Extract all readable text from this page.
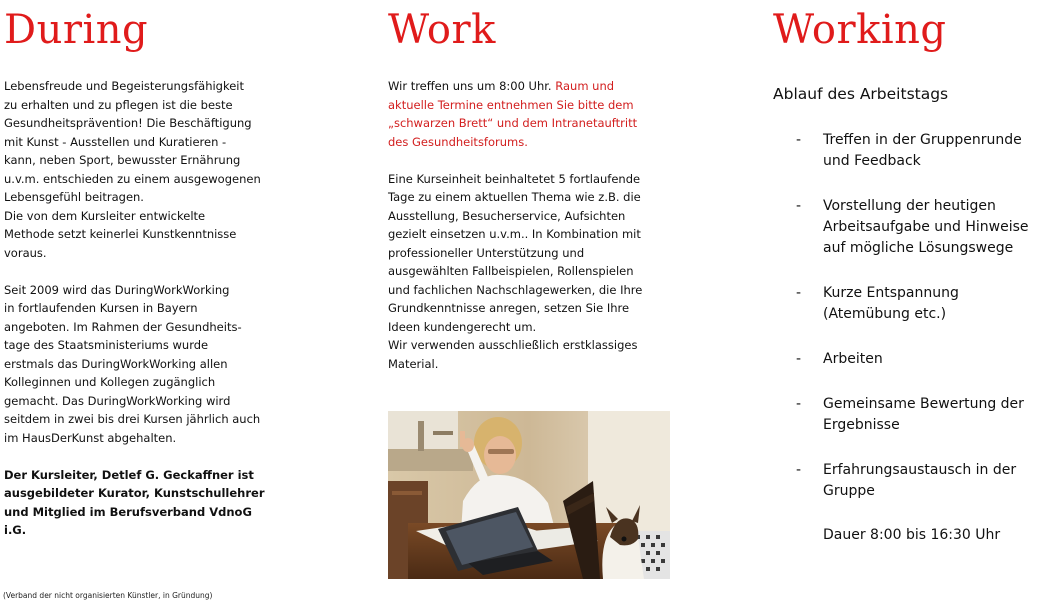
During

Lebensfreude und Begeisterungsfähigkeit
zu erhalten und zu pflegen ist die beste
Gesundheitsprävention! Die Beschäftigung
mit Kunst - Ausstellen und Kuratieren -
kann, neben Sport, bewusster Ernährung
u.v.m. entschieden zu einem ausgewogenen
Lebensgefühl beitragen.
Die von dem Kursleiter entwickelte
Methode setzt keinerlei Kunstkenntnisse
voraus.

Seit 2009 wird das DuringWorkWorking
in fortlaufenden Kursen in Bayern
angeboten. Im Rahmen der Gesundheits-
tage des Staatsministeriums wurde
erstmals das DuringWorkWorking allen
Kolleginnen und Kollegen zugänglich
gemacht. Das DuringWorkWorking wird
seitdem in zwei bis drei Kursen jährlich auch
im HausDerKunst abgehalten.

Der Kursleiter, Detlef G. Geckaffner ist
ausgebildeter Kurator, Kunstschullehrer
und Mitglied im Berufsverband VdnoG
i.G.

(Verband der nicht organisierten Künstler, in Gründung)

Work

Wir treffen uns um 8:00 Uhr. Raum und
aktuelle Termine entnehmen Sie bitte dem
„schwarzen Brett“ und dem Intranetauftritt
des Gesundheitsforums.

Eine Kurseinheit beinhaltetet 5 fortlaufende
Tage zu einem aktuellen Thema wie z.B. die
Ausstellung, Besucherservice, Aufsichten
gezielt einsetzen u.v.m.. In Kombination mit
professioneller Unterstützung und
ausgewählten Fallbeispielen, Rollenspielen
und fachlichen Nachschlagewerken, die Ihre
Grundkenntnisse anregen, setzen Sie Ihre
Ideen kundengerecht um.
Wir verwenden ausschließlich erstklassiges
Material.

Working
Ablauf des Arbeitstags
-	Treffen in der Gruppenrunde
und Feedback
-	Vorstellung der heutigen
Arbeitsaufgabe und Hinweise
auf mögliche Lösungswege
-	Kurze Entspannung
(Atemübung etc.)
-	Arbeiten
-	Gemeinsame Bewertung der
Ergebnisse
-	Erfahrungsaustausch in der
Gruppe

Dauer 8:00 bis 16:30 Uhr
